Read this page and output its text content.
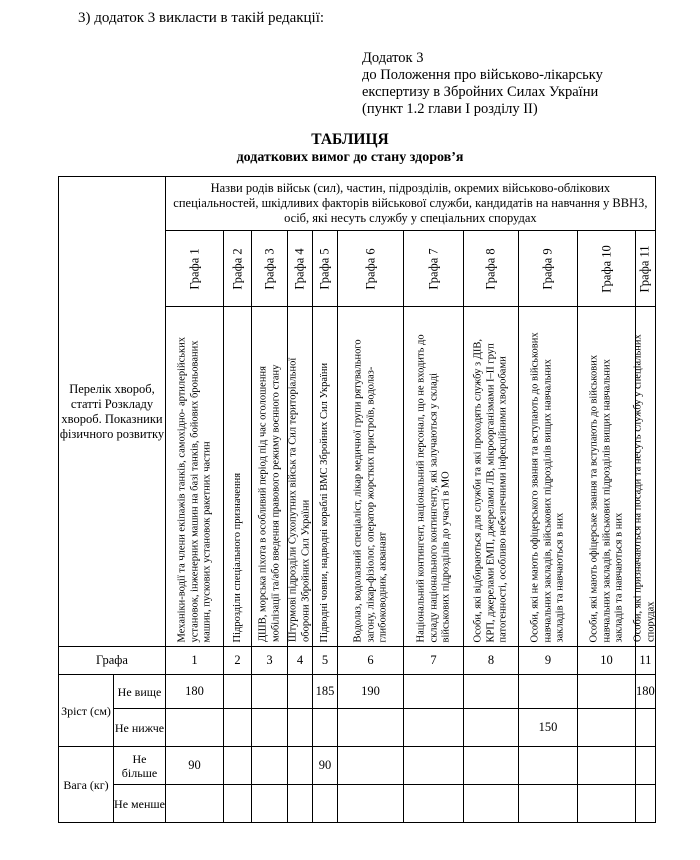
3) додаток 3 викласти в такій редакції:
Додаток 3
до Положення про військово-лікарську
експертизу в Збройних Силах України
(пункт 1.2 глави I розділу II)
ТАБЛИЦЯ
додаткових вимог до стану здоров’я
Перелік хвороб, статті Розкладу хвороб. Показники фізичного розвитку		Назви родів військ (сил), частин, підрозділів, окремих військово-облікових спеціальностей, шкідливих факторів військової служби, кандидатів на навчання у ВВНЗ, осіб, які несуть службу у спеціальних спорудах										

		Графа 1	Графа 2	Графа 3	Графа 4	Графа 5	Графа 6	Графа 7	Графа 8	Графа 9	Графа 10	Графа 11

		Механіки-водії та члени екіпажів танків, самохідно- артилерійських установок, інженерних машин на базі танків, бойових броньованих машин, пускових установок ракетних частин	Підрозділи спеціального призначення	ДШВ, морська піхота в особливий період під час оголошення мобілізації та/або введення правового режиму воєнного стану	Штурмові підрозділи Сухопутних військ та Сил територіальної оборони Збройних Сил України	Підводні човни, надводні кораблі ВМС Збройних Сил України	Водолаз, водолазний спеціаліст, лікар медичної групи рятувального загону, лікар-фізіолог, оператор жорстких пристроїв, водолаз-глибоководник, акванавт	Національний контингент, національний персонал, що не входить до складу національного контингенту, які залучаються у складі військових підрозділів до участі в МО	Особи, які відбираються для служби та які проходять службу з ДІВ, КРП, джерелами ЕМП, джерелами ЛВ, мікроорганізмами I–II груп патогенності, особливо небезпечними інфекційними хворобами	Особи, які не мають офіцерського звання та вступають до військових навчальних закладів, військових підрозділів вищих навчальних закладів та навчаються в них	Особи, які мають офіцерське звання та вступають до військових навчальних закладів, військових підрозділів вищих навчальних закладів та навчаються в них	Особи, які призначаються на посади та несуть службу у спеціальних спорудах

Графа		1	2	3	4	5	6	7	8	9	10	11
Зріст (см)	Не вище	180				185	190					180
	Не нижче									150		
Вага (кг)	Не більше	90				90						
	Не менше											
